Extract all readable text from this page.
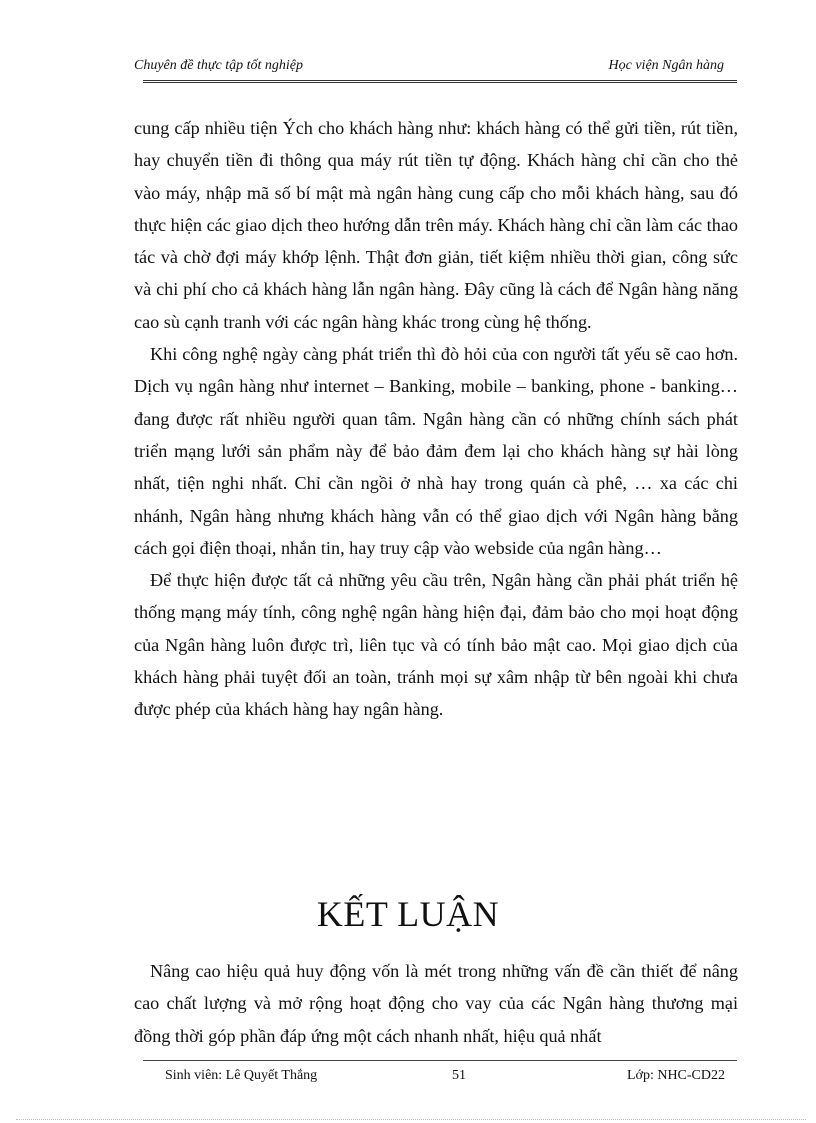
Chuyên đề thực tập tốt nghiệp	Học viện Ngân hàng

cung cấp nhiều tiện Ých cho khách hàng như: khách hàng có thể gửi tiền, rút tiền, hay chuyển tiền đi thông qua máy rút tiền tự động. Khách hàng chỉ cần cho thẻ vào máy, nhập mã số bí mật mà ngân hàng cung cấp cho mỗi khách hàng, sau đó thực hiện các giao dịch theo hướng dẫn trên máy. Khách hàng chỉ cần làm các thao tác và chờ đợi máy khớp lệnh. Thật đơn giản, tiết kiệm nhiều thời gian, công sức và chi phí cho cả khách hàng lẫn ngân hàng. Đây cũng là cách để Ngân hàng năng cao sù cạnh tranh với các ngân hàng khác trong cùng hệ thống.

Khi công nghệ ngày càng phát triển thì đò hỏi của con người tất yếu sẽ cao hơn. Dịch vụ ngân hàng như internet – Banking, mobile – banking, phone - banking… đang được rất nhiều người quan tâm. Ngân hàng cần có những chính sách phát triển mạng lưới sản phẩm này để bảo đảm đem lại cho khách hàng sự hài lòng nhất, tiện nghi nhất. Chỉ cần ngồi ở nhà hay trong quán cà phê, … xa các chi nhánh, Ngân hàng nhưng khách hàng vẫn có thể giao dịch với Ngân hàng bằng cách gọi điện thoại, nhắn tin, hay truy cập vào webside của ngân hàng…

Để thực hiện được tất cả những yêu cầu trên, Ngân hàng cần phải phát triển hệ thống mạng máy tính, công nghệ ngân hàng hiện đại, đảm bảo cho mọi hoạt động của Ngân hàng luôn được trì, liên tục và có tính bảo mật cao. Mọi giao dịch của khách hàng phải tuyệt đối an toàn, tránh mọi sự xâm nhập từ bên ngoài khi chưa được phép của khách hàng hay ngân hàng.

KẾT LUẬN

Nâng cao hiệu quả huy động vốn là mét trong những vấn đề cần thiết để nâng cao chất lượng và mở rộng hoạt động cho vay của các Ngân hàng thương mại đồng thời góp phần đáp ứng một cách nhanh nhất, hiệu quả nhất

Sinh viên: Lê Quyết Thắng	51	Lớp: NHC-CD22
